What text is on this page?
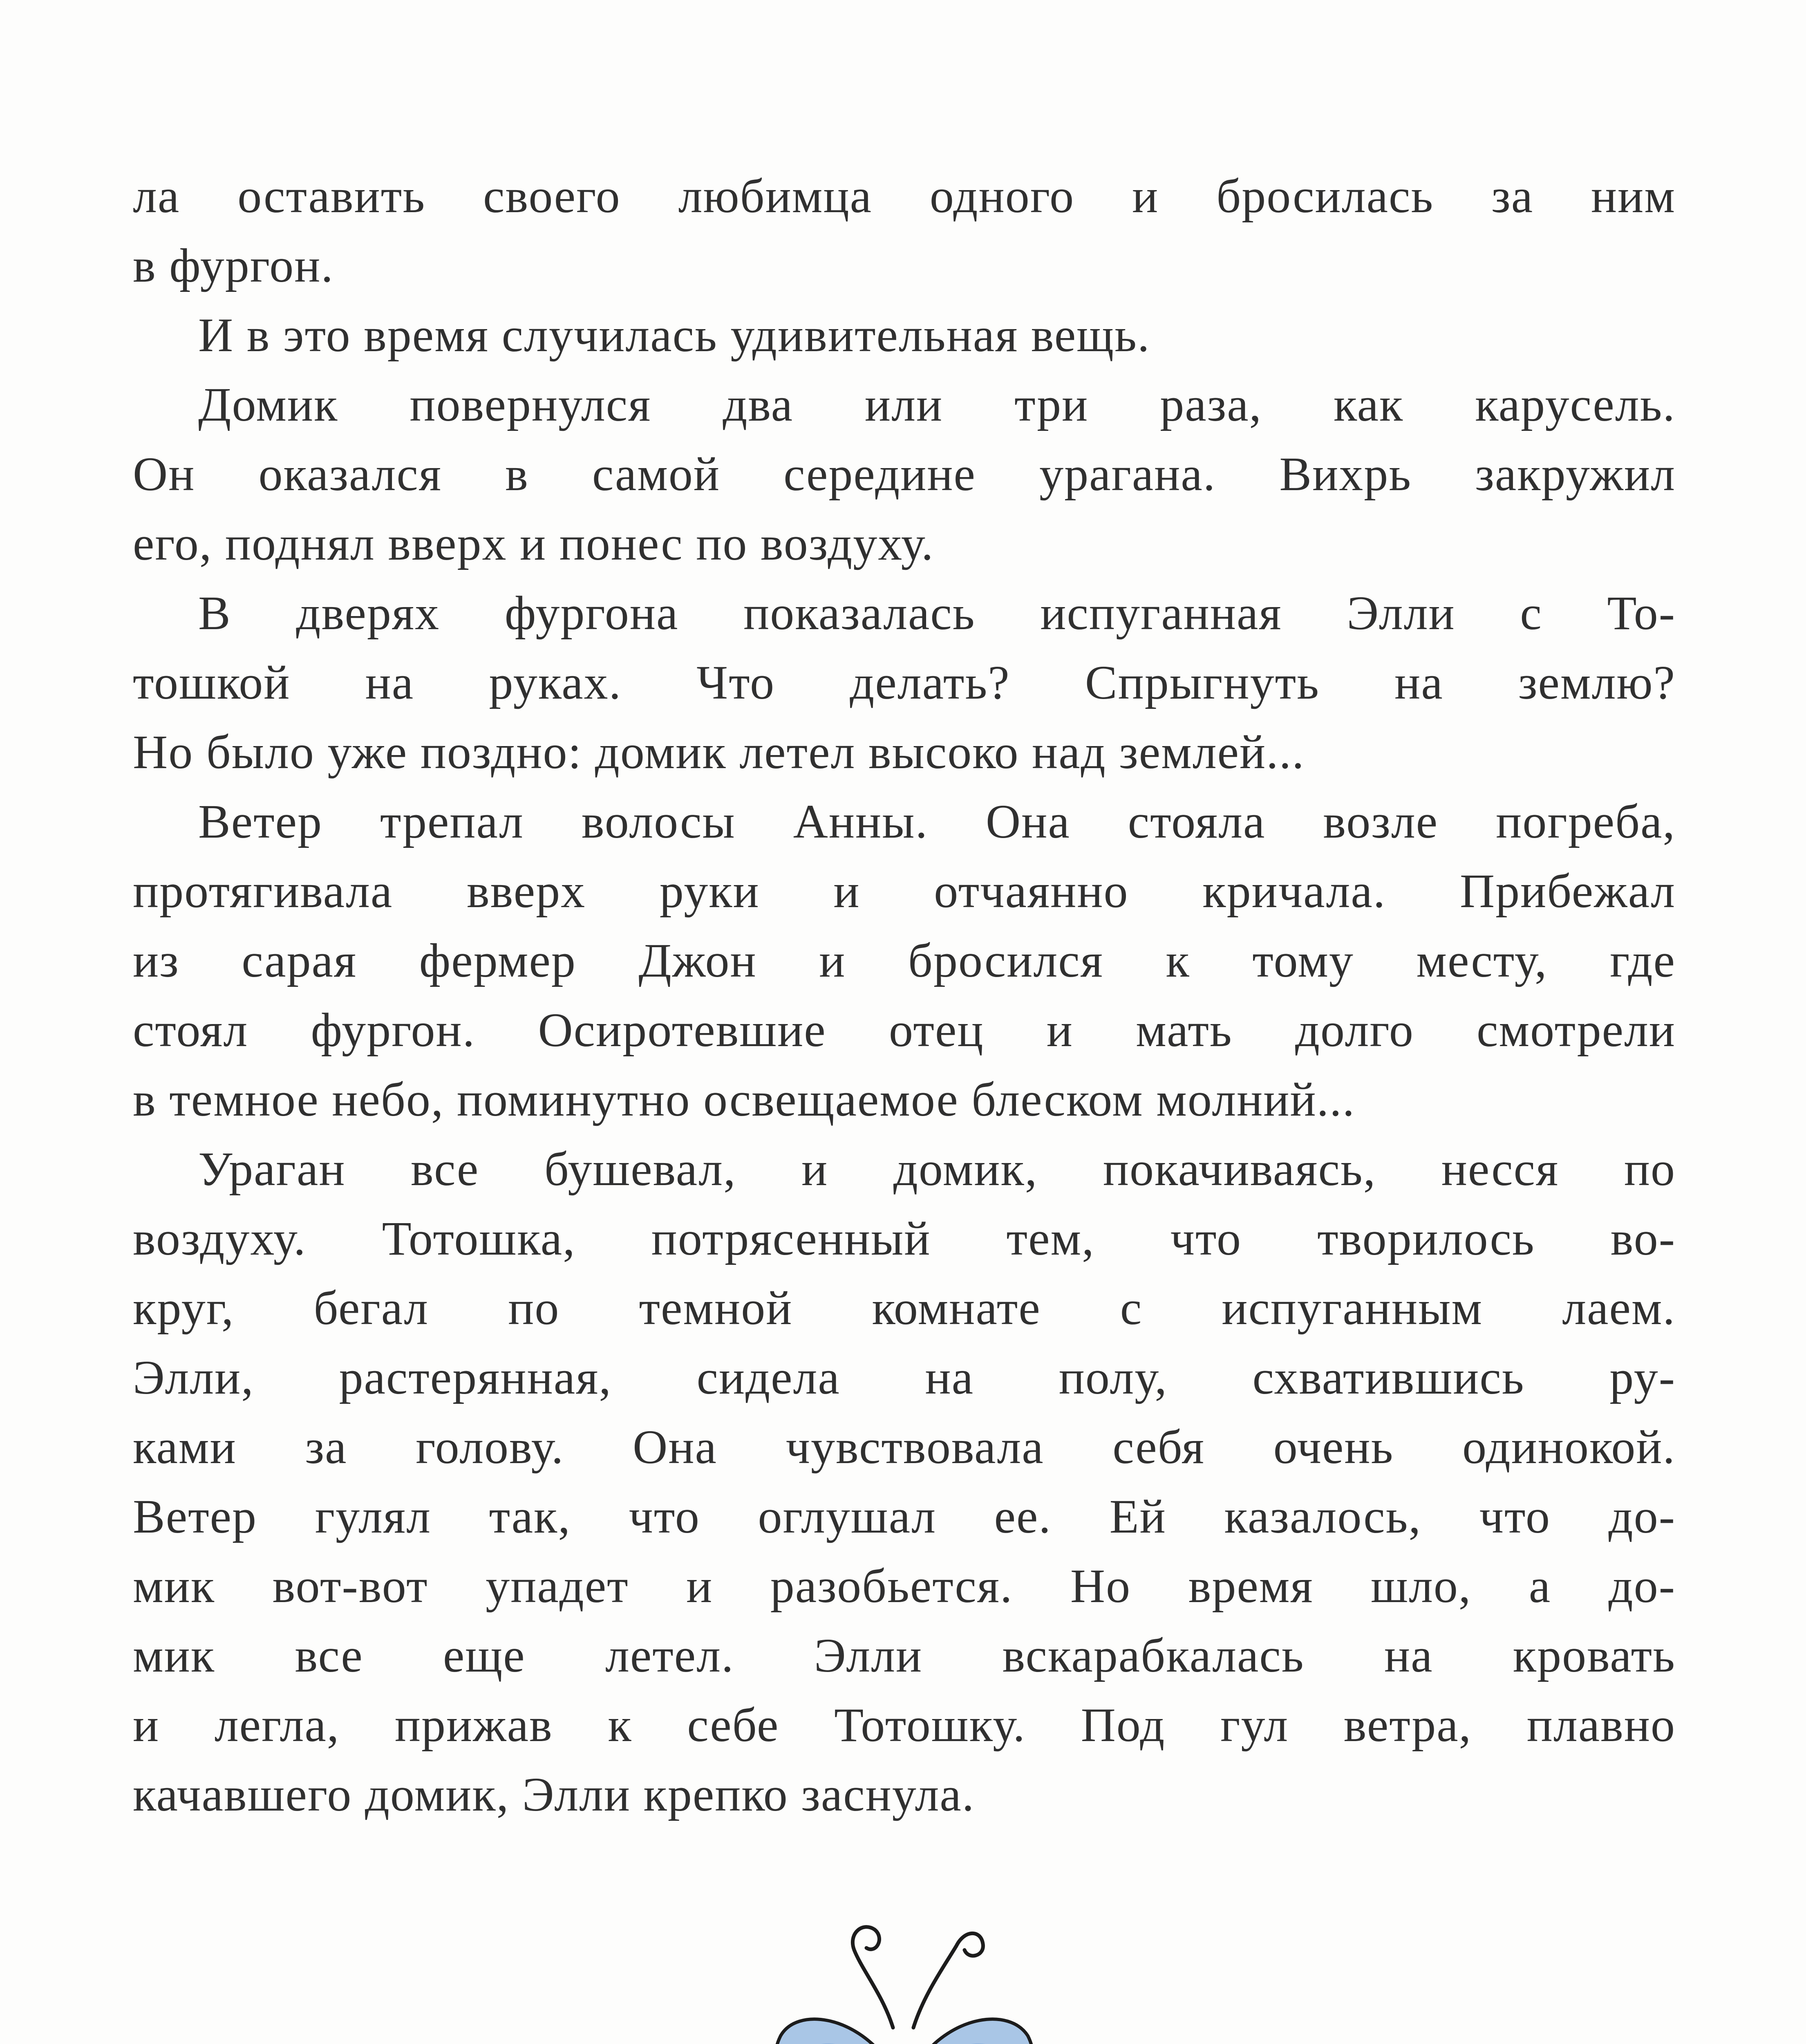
ла оставить своего любимца одного и бросилась за ним
в фургон.
И в это время случилась удивительная вещь.
Домик повернулся два или три раза, как карусель.
Он оказался в самой середине урагана. Вихрь закружил
его, поднял вверх и понес по воздуху.
В дверях фургона показалась испуганная Элли с То-
тошкой на руках. Что делать? Спрыгнуть на землю?
Но было уже поздно: домик летел высоко над землей...
Ветер трепал волосы Анны. Она стояла возле погреба,
протягивала вверх руки и отчаянно кричала. Прибежал
из сарая фермер Джон и бросился к тому месту, где
стоял фургон. Осиротевшие отец и мать долго смотрели
в темное небо, поминутно освещаемое блеском молний...
Ураган все бушевал, и домик, покачиваясь, несся по
воздуху. Тотошка, потрясенный тем, что творилось во-
круг, бегал по темной комнате с испуганным лаем.
Элли, растерянная, сидела на полу, схватившись ру-
ками за голову. Она чувствовала себя очень одинокой.
Ветер гулял так, что оглушал ее. Ей казалось, что до-
мик вот-вот упадет и разобьется. Но время шло, а до-
мик все еще летел. Элли вскарабкалась на кровать
и легла, прижав к себе Тотошку. Под гул ветра, плавно
качавшего домик, Элли крепко заснула.
